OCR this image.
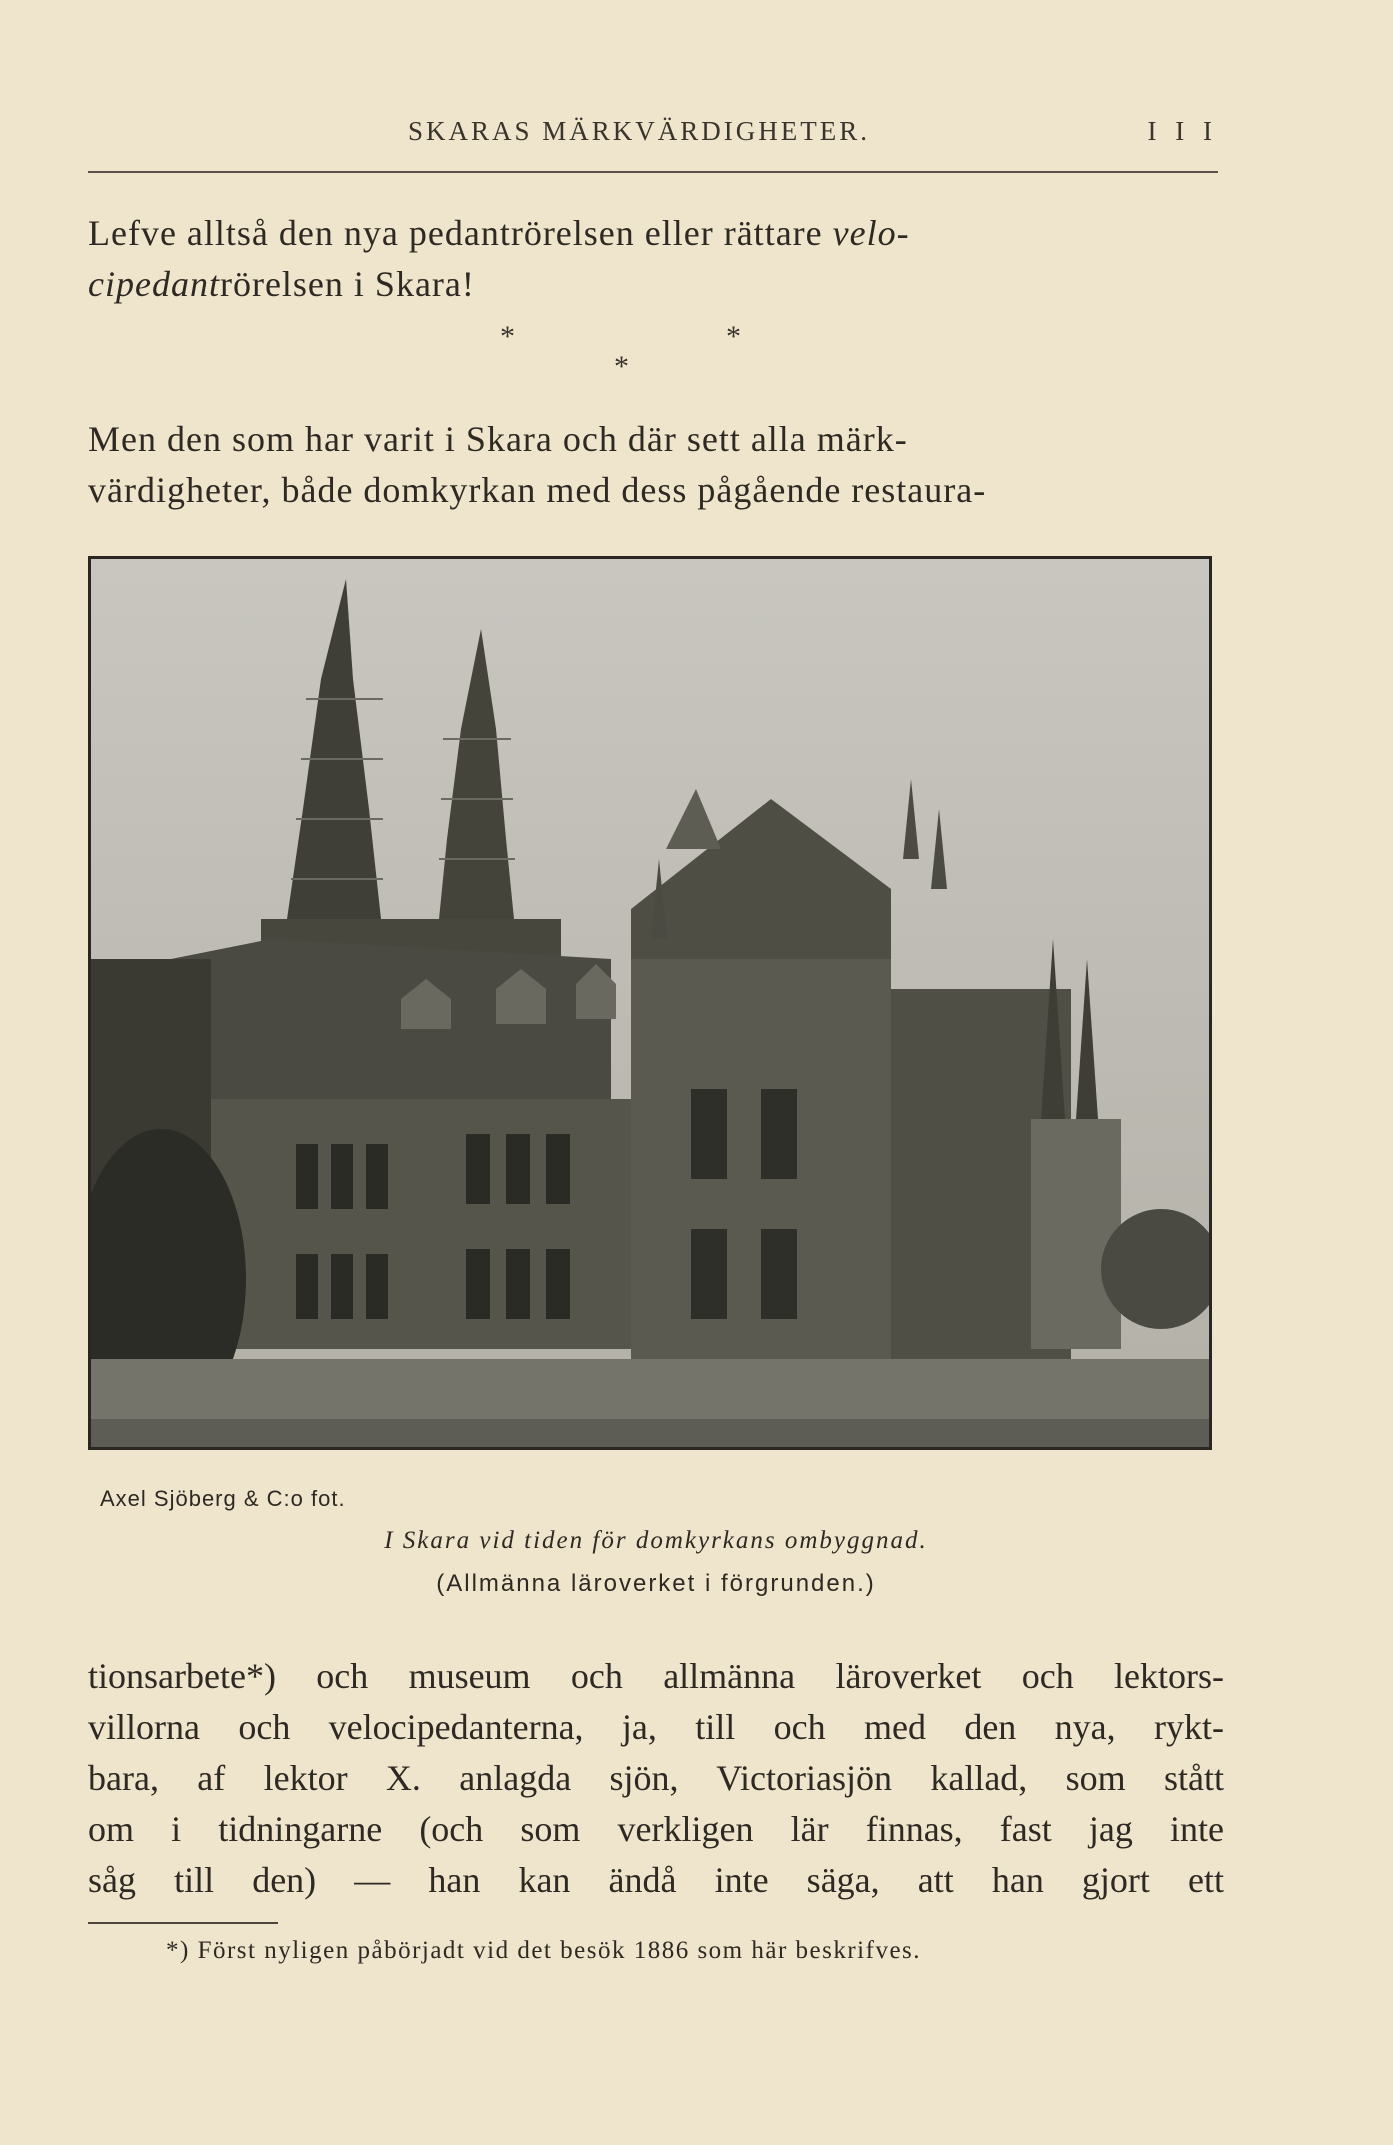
SKARAS MÄRKVÄRDIGHETER.	I I I
Lefve alltså den nya pedantrörelsen eller rättare velo-
cipedantrörelsen i Skara!
*	*
*
Men den som har varit i Skara och där sett alla märk-
värdigheter, både domkyrkan med dess pågående restaura-
Axel Sjöberg & C:o fot.
I Skara vid tiden för domkyrkans ombyggnad.
(Allmänna läroverket i förgrunden.)
tionsarbete*) och museum och allmänna läroverket och lektors-
villorna och velocipedanterna, ja, till och med den nya, rykt-
bara, af lektor X. anlagda sjön, Victoriasjön kallad, som stått
om i tidningarne (och som verkligen lär finnas, fast jag inte
såg till den) — han kan ändå inte säga, att han gjort ett
*) Först nyligen påbörjadt vid det besök 1886 som här beskrifves.
